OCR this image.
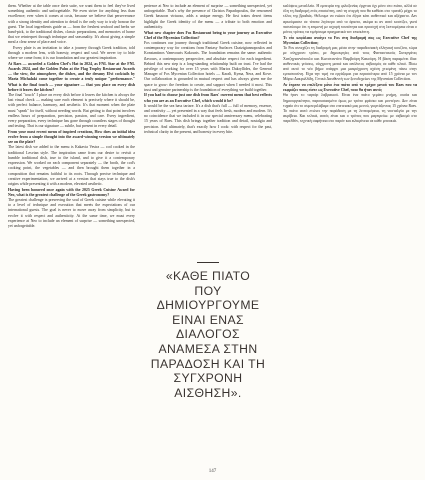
them. Whether at the table once their suite, we want them to feel they've lived something authentic and unforgettable. We even strive for anything less than excellence; ever when it comes at costs, because we believe that perseverance with a strong identity and attention to detail is the only way to truly honour the guest. The local ingredients guide us — from the freshest seafood and herbs we hand-pick, to the traditional dishes, classic preparations, and memories of home that we reinterpret through technique and seasonality. It's about giving a simple meal a clear sense of place and voice.

Every plate is an invitation to take a journey through Greek tradition, told through a modern lens, with honesty, respect and soul. We never try to hide where we come from; it is our foundation and our greatest inspiration.

At Raes — awarded a Golden Chef's Hat in 2024, as FNL Star at the FNL Awards 2024, and the Golden Palm at the Flag Trophy Restaurant Awards — the view, the atmosphere, the dishes, and the dreamy Elvi cocktails by Maria Michalaki come together to create a truly unique "performance." What is the final touch — your signature — that you place on every dish before it leaves the kitchen?

The final "touch" I place on every dish before it leaves the kitchen is always the last visual check — making sure each element is precisely where it should be, with perfect balance, harmony, and aesthetic. It's that moment when the plate must "speak" for itself, without needing words. But getting to that point involves endless hours of preparation, precision, passion, and care. Every ingredient, every preparation, every technique has gone through countless stages of thought and testing. That is our signature — subtle, but present in every detail.

From your most recent menu of inspired creations, How does an initial idea evolve from a simple thought into the award-winning version we ultimately see on the plate?

The latest dish we added to the menu is Kakavia Vestra — cod cooked in the traditional Lesvian style. The inspiration came from our desire to revisit a humble traditional dish, true to the island, and to give it a contemporary expression. We worked on each component separately — the broth, the cod's cooking point, the vegetables — and then brought them together in a composition that remains faithful to its roots. Through precise technique and creative experimentation, we arrived at a version that stays true to the dish's origins while presenting it with a modern, elevated aesthetic.

Having been honored once again with the 2025 Greek Cuisine Award for Neo, what is the greatest challenge of the Greek gastronomy?

The greatest challenge is preserving the soul of Greek cuisine while elevating it to a level of technique and execution that meets the expectations of our international guests. The goal is never to move away from simplicity, but to evolve it with respect and authenticity. At the same time, we must every experience at Neo to include an element of surprise — something unexpected, yet unforgettable.

perience at Neo to include an element of surprise — something unexpected, yet unforgettable. That's why the presence of Christos Papadopoulos, the renowned Greek bassoon virtuoso, adds a unique energy. He first trains desert items highlight the Greek identity of the menu — a tribute to both emotion and authenticity.

What new chapter does Fos Restaurant bring to your journey as Executive Chef of the Mycenian Collection?

Fos continues our journey through traditional Greek cuisine, now reflected in contemporary way for creations from Fantasy Surfaces Chatzigiannopoulos and Konstantinos Vamvouris Kakouris. The foundation remains the same: authentic flavours, a contemporary perspective, and absolute respect for each ingredient. Behind this new step is a long-standing relationship built on trust. I've had the privilege of working for over 15 years with Marios Dakryllides, the General Manager of Fos Mycenian Collection hotels — Karali, Kyma, Nera, and Kove. Our collaboration is grounded in mutual respect and has always given me the space to grow: the freedom to create, and support when I needed it most. This trust and genuine partnership is the foundation of everything we build together.

If you had to choose just one dish from Raes' current menu that best reflects who you are as an Executive Chef, which would it be?

It would be the sea bass tartare. It's a dish that's full — full of memory, essence, and creativity — yet presented in a way that feels fresh, modern and modern. It's no coincidence that we included it in our special anniversary menu, celebrating 15 years of Raes. This dish brings together tradition and detail, nostalgia and precision. And ultimately, that's exactly how I cook: with respect for the past, technical clarity in the present, and honesty in every bite.

«ΚΑΘΕ ΠΙΑΤΟ
ΠΟΥ
ΔΗΜΙΟΥΡΓΟΥΜΕ
ΕΙΝΑΙ ΕΝΑΣ
ΔΙΑΛΟΓΟΣ
ΑΝΑΜΕΣΑ ΣΤΗΝ
ΠΑΡΑΔΟΣΗ ΚΑΙ ΤΗ
ΣΥΓΧΡΟΝΗ
ΑΙΣΘΗΣΗ».

καλύψεις μεταλλείο. Η εμπειρία της φιλοξενίας έρχεται όχι μόνο στο πιάτο, αλλά σε όλη τη διαδρομή ενός επισκέπτη, από τη στιγμή που θα καθίσει στο τραπέζι μέχρι το τέλος της βραδιάς. Θέλουμε να νιώσει ότι έζησε κάτι αυθεντικό και αξέχαστο. Δεν αρκούμαστε σε τίποτα λιγότερο από το άριστο, ακόμα κι αν αυτό κοστίζει, γιατί πιστεύουμε ότι η επιμονή με ισχυρή ταυτότητα και προσοχή στη λεπτομέρεια είναι ο μόνος τρόπος να τιμήσουμε πραγματικά τον επισκέπτη.

Τι νέο κεφάλαιο ανοίγει το Fos στη διαδρομή σας ως Executive Chef της Mycenian Collection;

Το Fos συνεχίζει τη διαδρομή μας μέσα στην παραδοσιακή ελληνική κουζίνα, τώρα με σύγχρονο τρόπο, με δημιουργίες από τους Φανταστικούς Συνεργάτες Χατζηγιαννόπουλο και Κωνσταντίνο Βαμβούρη Κακούρη. Η βάση παραμένει ίδια: αυθεντικές γεύσεις, σύγχρονη ματιά και απόλυτος σεβασμός σε κάθε υλικό. Πίσω από αυτό το νέο βήμα υπάρχει μια μακρόχρονη σχέση χτισμένη πάνω στην εμπιστοσύνη. Είχα την τιμή να εργάζομαι για περισσότερα από 15 χρόνια με τον Μάριο Δακρυλλίδη, Γενικό Διευθυντή των ξενοδοχείων της Mycenian Collection.

Αν έπρεπε να επιλέξετε μόνο ένα πιάτο από το τρέχον μενού του Raes που να εκφράζει ποιος είστε ως Executive Chef, ποιο θα ήταν αυτό;

Θα ήταν το ταρτάρ λαβρακιού. Είναι ένα πιάτο γεμάτο μνήμη, ουσία και δημιουργικότητα, παρουσιασμένο όμως με τρόπο φρέσκο και μοντέρνο. Δεν είναι τυχαίο ότι το συμπεριλάβαμε στο επετειακό μας μενού, γιορτάζοντας 15 χρόνια Raes. Το πιάτο αυτό ενώνει την παράδοση με τη λεπτομέρεια, τη νοσταλγία με την ακρίβεια. Και τελικά, αυτός είναι και ο τρόπος που μαγειρεύω: με σεβασμό στο παρελθόν, τεχνική σαφήνεια στο παρόν και ειλικρίνεια σε κάθε μπουκιά.

147
